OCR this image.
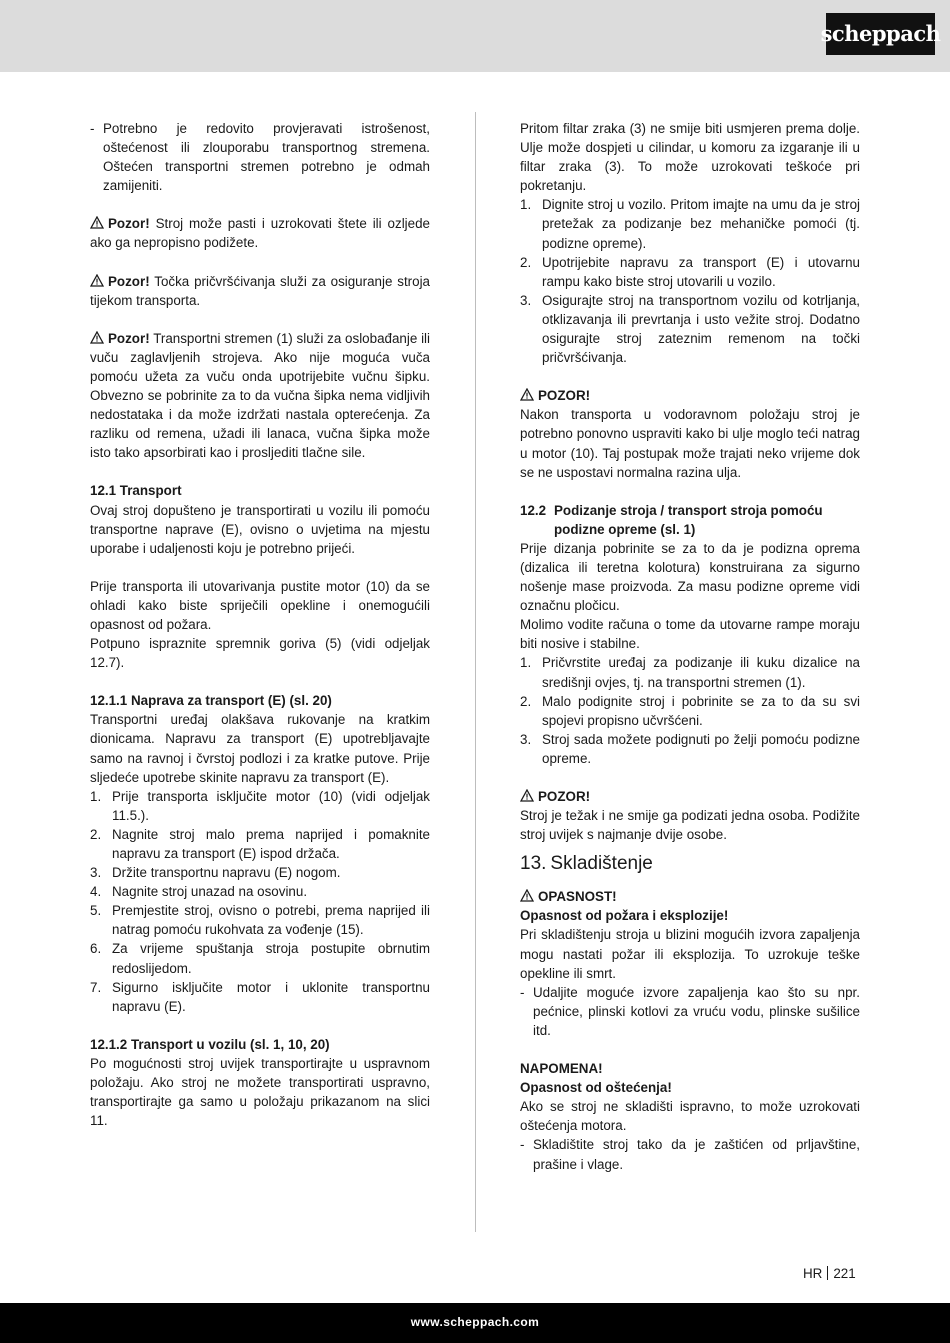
scheppach
- Potrebno je redovito provjeravati istrošenost, oštećenost ili zlouporabu transportnog stremena. Oštećen transportni stremen potrebno je odmah zamijeniti.

Pozor! Stroj može pasti i uzrokovati štete ili ozljede ako ga nepropisno podižete.

Pozor! Točka pričvršćivanja služi za osiguranje stroja tijekom transporta.

Pozor! Transportni stremen (1) služi za oslobađanje ili vuču zaglavljenih strojeva. Ako nije moguća vuča pomoću užeta za vuču onda upotrijebite vučnu šipku. Obvezno se pobrinite za to da vučna šipka nema vidljivih nedostataka i da može izdržati nastala opterećenja. Za razliku od remena, užadi ili lanaca, vučna šipka može isto tako apsorbirati kao i prosljediti tlačne sile.

12.1 Transport

Ovaj stroj dopušteno je transportirati u vozilu ili pomoću transportne naprave (E), ovisno o uvjetima na mjestu uporabe i udaljenosti koju je potrebno prijeći.

Prije transporta ili utovarivanja pustite motor (10) da se ohladi kako biste spriječili opekline i onemogućili opasnost od požara.

Potpuno ispraznite spremnik goriva (5) (vidi odjeljak 12.7).

12.1.1 Naprava za transport (E) (sl. 20)

Transportni uređaj olakšava rukovanje na kratkim dionicama. Napravu za transport (E) upotrebljavajte samo na ravnoj i čvrstoj podlozi i za kratke putove. Prije sljedeće upotrebe skinite napravu za transport (E).

1. Prije transporta isključite motor (10) (vidi odjeljak 11.5.).
2. Nagnite stroj malo prema naprijed i pomaknite napravu za transport (E) ispod držača.
3. Držite transportnu napravu (E) nogom.
4. Nagnite stroj unazad na osovinu.
5. Premjestite stroj, ovisno o potrebi, prema naprijed ili natrag pomoću rukohvata za vođenje (15).
6. Za vrijeme spuštanja stroja postupite obrnutim redoslijedom.
7. Sigurno isključite motor i uklonite transportnu napravu (E).
12.1.2 Transport u vozilu (sl. 1, 10, 20)

Po mogućnosti stroj uvijek transportirajte u uspravnom položaju. Ako stroj ne možete transportirati uspravno, transportirajte ga samo u položaju prikazanom na slici 11.

Pritom filtar zraka (3) ne smije biti usmjeren prema dolje. Ulje može dospjeti u cilindar, u komoru za izgaranje ili u filtar zraka (3). To može uzrokovati teškoće pri pokretanju.

1. Dignite stroj u vozilo. Pritom imajte na umu da je stroj pretežak za podizanje bez mehaničke pomoći (tj. podizne opreme).
2. Upotrijebite napravu za transport (E) i utovarnu rampu kako biste stroj utovarili u vozilo.
3. Osigurajte stroj na transportnom vozilu od kotrljanja, otklizavanja ili prevrtanja i usto vežite stroj. Dodatno osigurajte stroj zateznim remenom na točki pričvršćivanja.
POZOR!

Nakon transporta u vodoravnom položaju stroj je potrebno ponovno uspraviti kako bi ulje moglo teći natrag u motor (10). Taj postupak može trajati neko vrijeme dok se ne uspostavi normalna razina ulja.

12.2 Podizanje stroja / transport stroja pomoću podizne opreme (sl. 1)

Prije dizanja pobrinite se za to da je podizna oprema (dizalica ili teretna kolotura) konstruirana za sigurno nošenje mase proizvoda. Za masu podizne opreme vidi označnu pločicu.

Molimo vodite računa o tome da utovarne rampe moraju biti nosive i stabilne.

1. Pričvrstite uređaj za podizanje ili kuku dizalice na središnji ovjes, tj. na transportni stremen (1).
2. Malo podignite stroj i pobrinite se za to da su svi spojevi propisno učvršćeni.
3. Stroj sada možete podignuti po želji pomoću podizne opreme.
POZOR!

Stroj je težak i ne smije ga podizati jedna osoba. Podižite stroj uvijek s najmanje dvije osobe.

13. Skladištenje
OPASNOST!
Opasnost od požara i eksplozije!

Pri skladištenju stroja u blizini mogućih izvora zapaljenja mogu nastati požar ili eksplozija. To uzrokuje teške opekline ili smrt.

- Udaljite moguće izvore zapaljenja kao što su npr. pećnice, plinski kotlovi za vruću vodu, plinske sušilice itd.
NAPOMENA!
Opasnost od oštećenja!

Ako se stroj ne skladišti ispravno, to može uzrokovati oštećenja motora.

- Skladištite stroj tako da je zaštićen od prljavštine, prašine i vlage.
HR 221
www.scheppach.com
